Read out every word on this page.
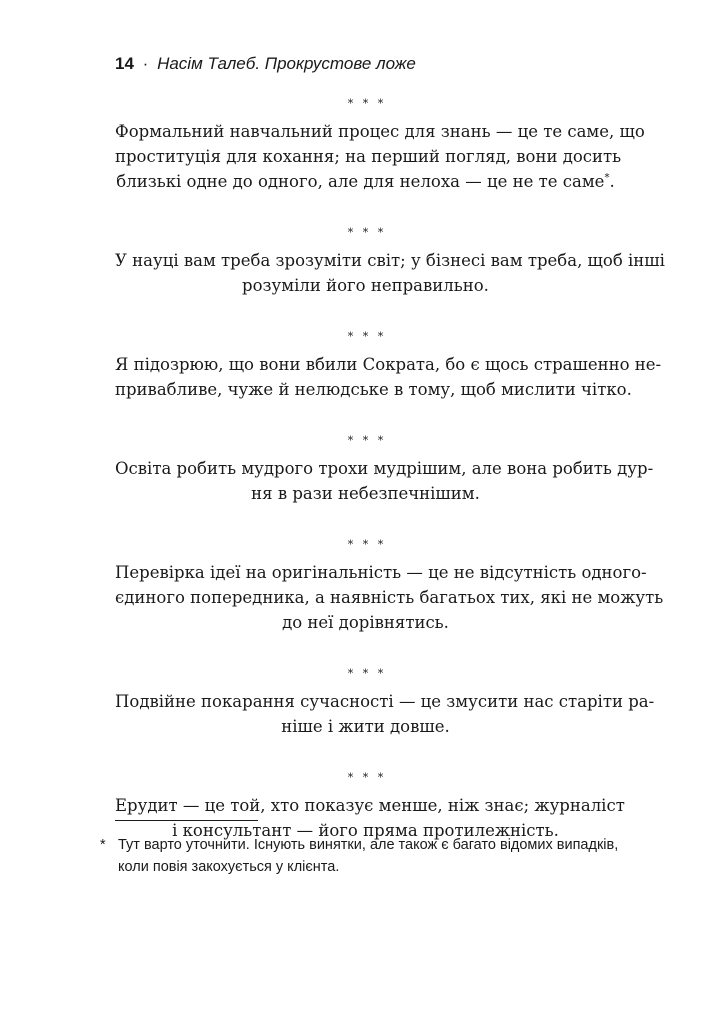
14 · Насім Талеб. Прокрустове ложе
* * *

Формальний навчальний процес для знань — це те саме, що
проституція для кохання; на перший погляд, вони досить
близькі одне до одного, але для нелоха — це не те саме*.

* * *

У науці вам треба зрозуміти світ; у бізнесі вам треба, щоб інші
розуміли його неправильно.

* * *

Я підозрюю, що вони вбили Сократа, бо є щось страшенно не-
привабливе, чуже й нелюдське в тому, щоб мислити чітко.

* * *

Освіта робить мудрого трохи мудрішим, але вона робить дур-
ня в рази небезпечнішим.

* * *

Перевірка ідеї на оригінальність — це не відсутність одного-
єдиного попередника, а наявність багатьох тих, які не можуть
до неї дорівнятись.

* * *

Подвійне покарання сучасності — це змусити нас старіти ра-
ніше і жити довше.

* * *

Ерудит — це той, хто показує менше, ніж знає; журналіст
і консультант — його пряма протилежність.

* Тут варто уточнити. Існують винятки, але також є багато відомих випадків,
коли повія закохується у клієнта.
